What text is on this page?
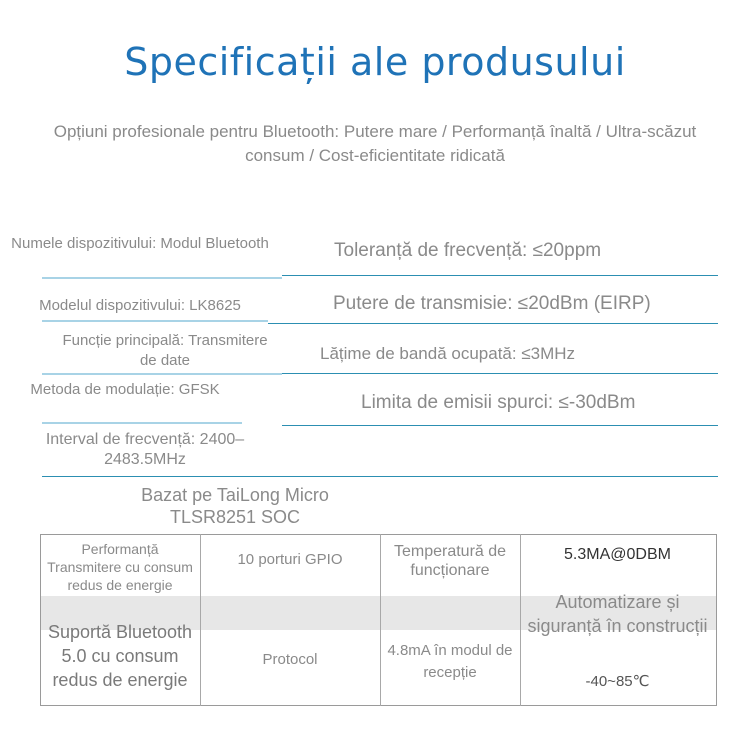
Specificații ale produsului
Opțiuni profesionale pentru Bluetooth: Putere mare / Performanță înaltă / Ultra-scăzut consum / Cost-eficientitate ridicată
Numele dispozitivului: Modul Bluetooth
Modelul dispozitivului: LK8625
Funcție principală: Transmitere de date
Metoda de modulație: GFSK
Interval de frecvență: 2400–2483.5MHz
Toleranță de frecvență: ≤20ppm
Putere de transmisie: ≤20dBm (EIRP)
Lățime de bandă ocupată: ≤3MHz
Limita de emisii spurci: ≤-30dBm
Bazat pe TaiLong Micro TLSR8251 SOC
Performanță Transmitere cu consum redus de energie
Suportă Bluetooth 5.0 cu consum redus de energie
10 porturi GPIO
Protocol
Temperatură de funcționare
4.8mA în modul de recepție
5.3MA@0DBM
Automatizare și siguranță în construcții
-40~85℃
